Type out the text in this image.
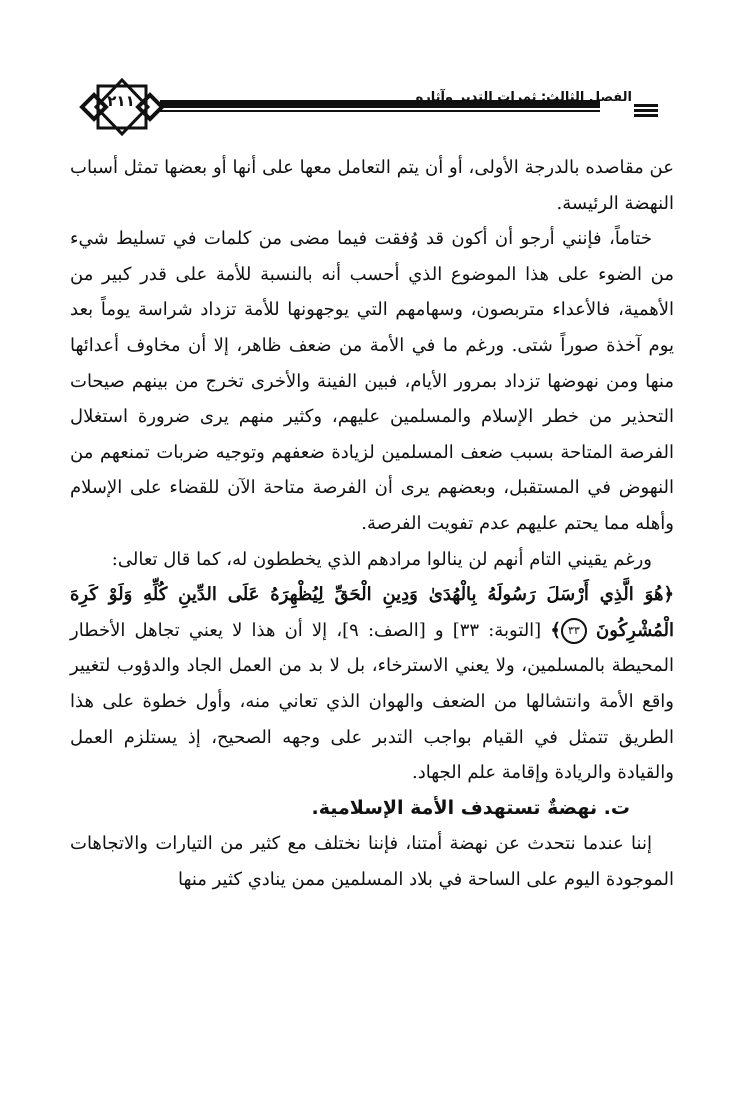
٢١١	الفصل الثالث: ثمرات التدبر وآثاره

عن مقاصده بالدرجة الأولى، أو أن يتم التعامل معها على أنها أو بعضها تمثل أسباب النهضة الرئيسة.

ختاماً، فإنني أرجو أن أكون قد وُفقت فيما مضى من كلمات في تسليط شيء من الضوء على هذا الموضوع الذي أحسب أنه بالنسبة للأمة على قدر كبير من الأهمية، فالأعداء متربصون، وسهامهم التي يوجهونها للأمة تزداد شراسة يوماً بعد يوم آخذة صوراً شتى. ورغم ما في الأمة من ضعف ظاهر، إلا أن مخاوف أعدائها منها ومن نهوضها تزداد بمرور الأيام، فبين الفينة والأخرى تخرج من بينهم صيحات التحذير من خطر الإسلام والمسلمين عليهم، وكثير منهم يرى ضرورة استغلال الفرصة المتاحة بسبب ضعف المسلمين لزيادة ضعفهم وتوجيه ضربات تمنعهم من النهوض في المستقبل، وبعضهم يرى أن الفرصة متاحة الآن للقضاء على الإسلام وأهله مما يحتم عليهم عدم تفويت الفرصة.

ورغم يقيني التام أنهم لن ينالوا مرادهم الذي يخططون له، كما قال تعالى:

﴿هُوَ الَّذِي أَرْسَلَ رَسُولَهُ بِالْهُدَىٰ وَدِينِ الْحَقِّ لِيُظْهِرَهُ عَلَى الدِّينِ كُلِّهِ وَلَوْ كَرِهَ الْمُشْرِكُونَ ٣٣﴾ [التوبة: ٣٣] و [الصف: ٩]، إلا أن هذا لا يعني تجاهل الأخطار المحيطة بالمسلمين، ولا يعني الاسترخاء، بل لا بد من العمل الجاد والدؤوب لتغيير واقع الأمة وانتشالها من الضعف والهوان الذي تعاني منه، وأول خطوة على هذا الطريق تتمثل في القيام بواجب التدبر على وجهه الصحيح، إذ يستلزم العمل والقيادة والريادة وإقامة علم الجهاد.

ت. نهضةٌ تستهدف الأمة الإسلامية.

إننا عندما نتحدث عن نهضة أمتنا، فإننا نختلف مع كثير من التيارات والاتجاهات الموجودة اليوم على الساحة في بلاد المسلمين ممن ينادي كثير منها
